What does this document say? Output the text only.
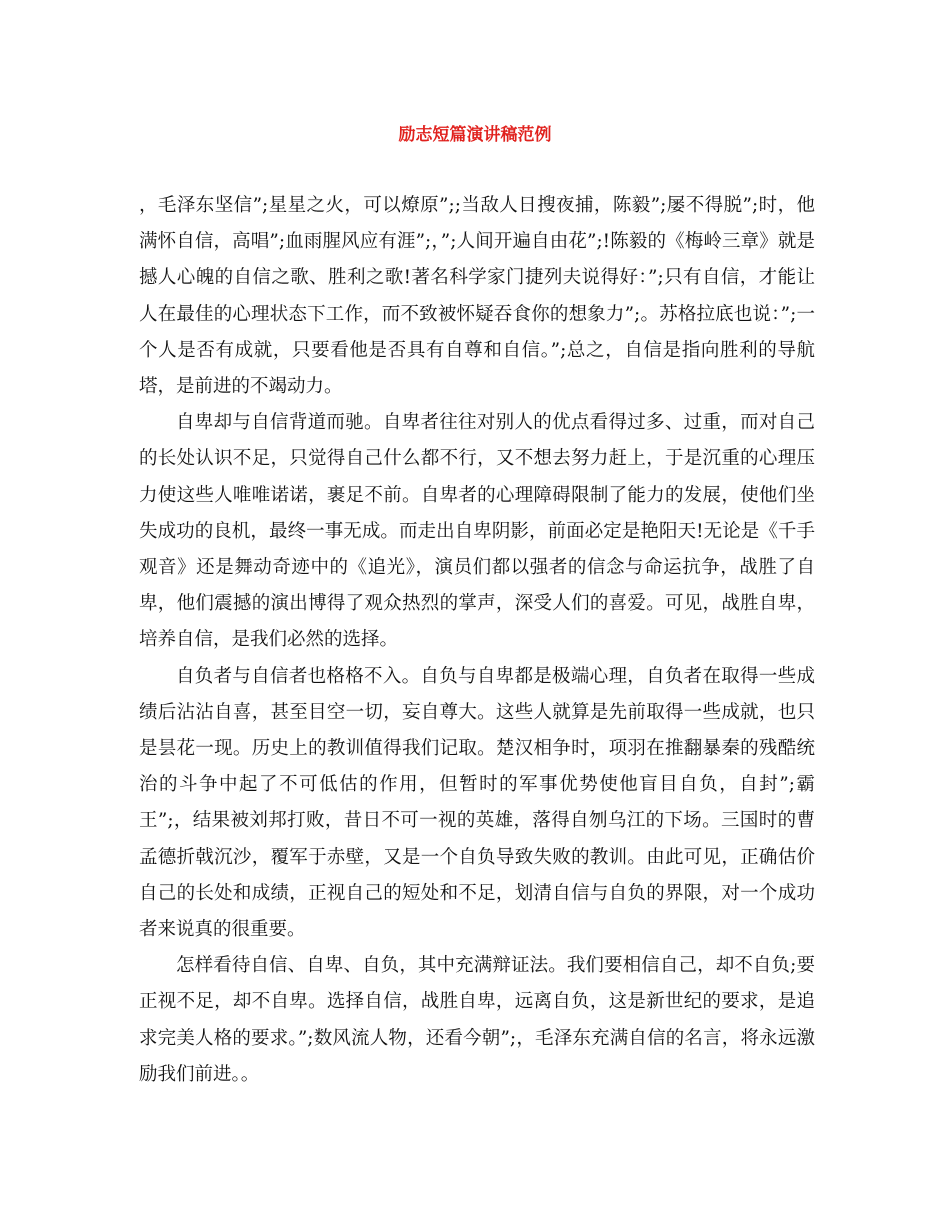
励志短篇演讲稿范例

，毛泽东坚信”;星星之火，可以燎原”;;当敌人日搜夜捕，陈毅”;屡不得脱”;时，他满怀自信，高唱”;血雨腥风应有涯”;，”;人间开遍自由花”;!陈毅的《梅岭三章》就是撼人心魄的自信之歌、胜利之歌!著名科学家门捷列夫说得好：”;只有自信，才能让人在最佳的心理状态下工作，而不致被怀疑吞食你的想象力”;。苏格拉底也说：”;一个人是否有成就，只要看他是否具有自尊和自信。”;总之，自信是指向胜利的导航塔，是前进的不竭动力。

自卑却与自信背道而驰。自卑者往往对别人的优点看得过多、过重，而对自己的长处认识不足，只觉得自己什么都不行，又不想去努力赶上，于是沉重的心理压力使这些人唯唯诺诺，裹足不前。自卑者的心理障碍限制了能力的发展，使他们坐失成功的良机，最终一事无成。而走出自卑阴影，前面必定是艳阳天!无论是《千手观音》还是舞动奇迹中的《追光》，演员们都以强者的信念与命运抗争，战胜了自卑，他们震撼的演出博得了观众热烈的掌声，深受人们的喜爱。可见，战胜自卑，培养自信，是我们必然的选择。

自负者与自信者也格格不入。自负与自卑都是极端心理，自负者在取得一些成绩后沾沾自喜，甚至目空一切，妄自尊大。这些人就算是先前取得一些成就，也只是昙花一现。历史上的教训值得我们记取。楚汉相争时，项羽在推翻暴秦的残酷统治的斗争中起了不可低估的作用，但暂时的军事优势使他盲目自负，自封”;霸王”;，结果被刘邦打败，昔日不可一视的英雄，落得自刎乌江的下场。三国时的曹孟德折戟沉沙，覆军于赤壁，又是一个自负导致失败的教训。由此可见，正确估价自己的长处和成绩，正视自己的短处和不足，划清自信与自负的界限，对一个成功者来说真的很重要。

怎样看待自信、自卑、自负，其中充满辩证法。我们要相信自己，却不自负;要正视不足，却不自卑。选择自信，战胜自卑，远离自负，这是新世纪的要求，是追求完美人格的要求。”;数风流人物，还看今朝”;，毛泽东充满自信的名言，将永远激励我们前进。。
